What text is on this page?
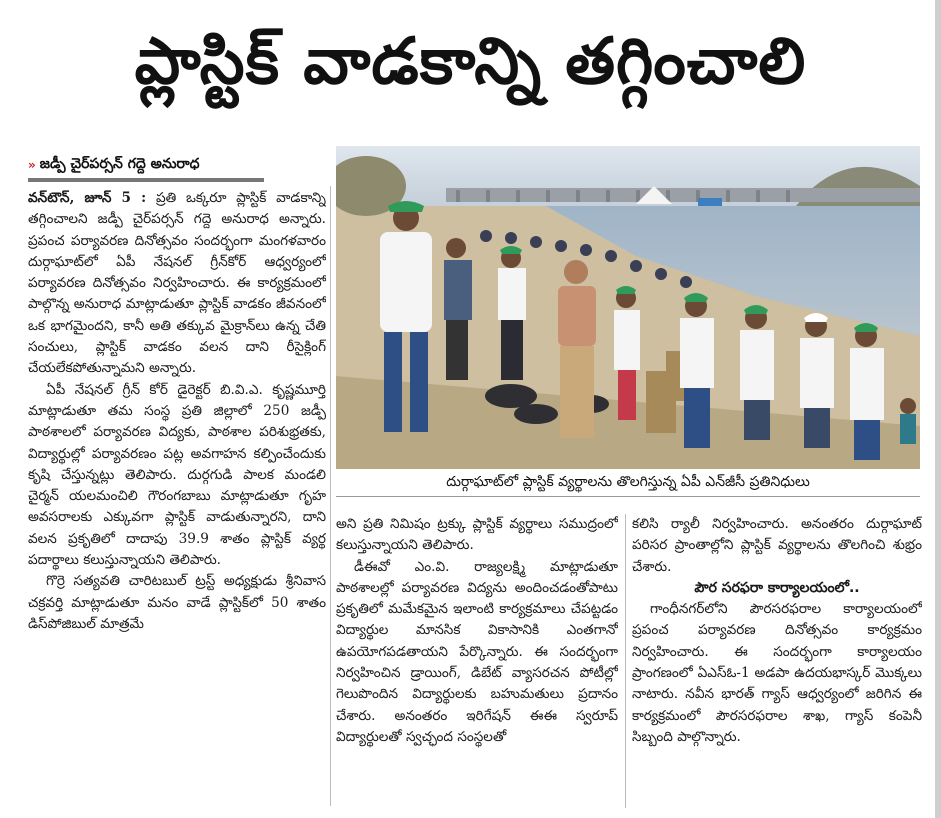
ప్లాస్టిక్ వాడకాన్ని తగ్గించాలి
» జడ్పీ చైర్‌పర్సన్ గద్దె అనురాధ

వన్‌టౌన్, జూన్ 5 : ప్రతి ఒక్కరూ ప్లాస్టిక్ వాడకాన్ని తగ్గించాలని జడ్పీ చైర్‌పర్సన్ గద్దె అనురాధ అన్నారు. ప్రపంచ పర్యావరణ దినోత్సవం సందర్భంగా మంగళవారం దుర్గాఘాట్‌లో ఏపీ నేషనల్ గ్రీన్‌కోర్ ఆధ్వర్యంలో పర్యావరణ దినోత్సవం నిర్వహించారు. ఈ కార్యక్రమంలో పాల్గొన్న అనురాధ మాట్లాడుతూ ప్లాస్టిక్ వాడకం జీవనంలో ఒక భాగమైందని, కానీ అతి తక్కువ మైక్రాన్‌లు ఉన్న చేతి సంచులు, ప్లాస్టిక్ వాడకం వలన దాని రీసైక్లింగ్ చేయలేకపోతున్నామని అన్నారు.

ఏపీ నేషనల్ గ్రీన్ కోర్ డైరెక్టర్ బి.వి.ఎ. కృష్ణమూర్తి మాట్లాడుతూ తమ సంస్థ ప్రతి జిల్లాలో 250 జడ్పీ పాఠశాలలో పర్యావరణ విద్యకు, పాఠశాల పరిశుభ్రతకు, విద్యార్థుల్లో పర్యావరణం పట్ల అవగాహన కల్పించేందుకు కృషి చేస్తున్నట్లు తెలిపారు. దుర్గగుడి పాలక మండలి చైర్మన్ యలమంచిలి గౌరంగబాబు మాట్లాడుతూ గృహ అవసరాలకు ఎక్కువగా ప్లాస్టిక్ వాడుతున్నారని, దాని వలన ప్రకృతిలో దాదాపు 39.9 శాతం ప్లాస్టిక్ వ్యర్థ పదార్థాలు కలుస్తున్నాయని తెలిపారు.

గొర్రె సత్యవతి చారిటబుల్ ట్రస్ట్ అధ్యక్షుడు శ్రీనివాస చక్రవర్తి మాట్లాడుతూ మనం వాడే ప్లాస్టిక్‌లో 50 శాతం డిస్‌పోజిబుల్ మాత్రమే

దుర్గాఘాట్‌లో ప్లాస్టిక్ వ్యర్థాలను తొలగిస్తున్న ఏపీ ఎన్‌జీసీ ప్రతినిధులు

అని ప్రతి నిమిషం ట్రక్కు ప్లాస్టిక్ వ్యర్థాలు సముద్రంలో కలుస్తున్నాయని తెలిపారు.

డీఈవో ఎం.వి. రాజ్యలక్ష్మి మాట్లాడుతూ పాఠశాలల్లో పర్యావరణ విద్యను అందించడంతోపాటు ప్రకృతిలో మమేకమైన ఇలాంటి కార్యక్రమాలు చేపట్టడం విద్యార్థుల మానసిక వికాసానికి ఎంతగానో ఉపయోగపడతాయని పేర్కొన్నారు. ఈ సందర్భంగా నిర్వహించిన డ్రాయింగ్, డిబేట్ వ్యాసరచన పోటీల్లో గెలుపొందిన విద్యార్థులకు బహుమతులు ప్రదానం చేశారు. అనంతరం ఇరిగేషన్ ఈఈ స్వరూప్ విద్యార్థులతో స్వచ్ఛంద సంస్థలతో

కలిసి ర్యాలీ నిర్వహించారు. అనంతరం దుర్గాఘాట్ పరిసర ప్రాంతాల్లోని ప్లాస్టిక్ వ్యర్థాలను తొలగించి శుభ్రం చేశారు.

పౌర సరఫరా కార్యాలయంలో..

గాంధీనగర్‌లోని పౌరసరఫరాల కార్యాలయంలో ప్రపంచ పర్యావరణ దినోత్సవం కార్యక్రమం నిర్వహించారు. ఈ సందర్భంగా కార్యాలయం ప్రాంగణంలో ఏఎస్ఓ-1 అడపా ఉదయభాస్కర్ మొక్కలు నాటారు. నవీన భారత్ గ్యాస్ ఆధ్వర్యంలో జరిగిన ఈ కార్యక్రమంలో పౌరసరఫరాల శాఖ, గ్యాస్ కంపెనీ సిబ్బంది పాల్గొన్నారు.
